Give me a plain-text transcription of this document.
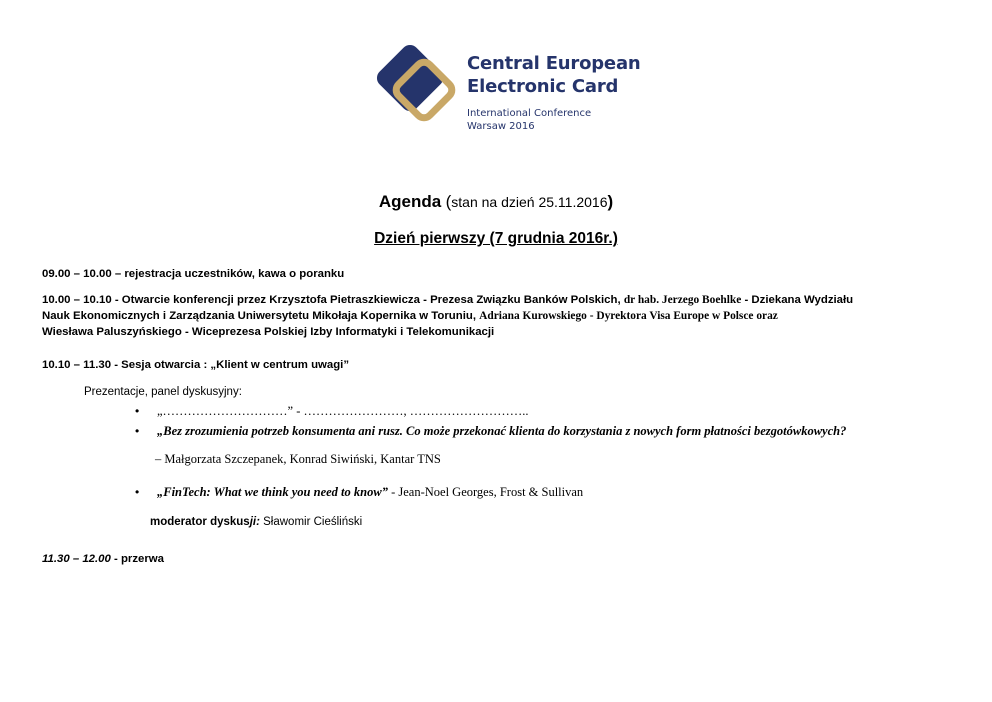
Central European
Electronic Card
International Conference
Warsaw 2016
Agenda (stan na dzień 25.11.2016)
Dzień pierwszy (7 grudnia 2016r.)
09.00 – 10.00 – rejestracja uczestników, kawa o poranku
10.00 – 10.10 - Otwarcie konferencji przez Krzysztofa Pietraszkiewicza - Prezesa Związku Banków Polskich, dr hab. Jerzego Boehlke - Dziekana Wydziału
Nauk Ekonomicznych i Zarządzania Uniwersytetu Mikołaja Kopernika w Toruniu, Adriana Kurowskiego - Dyrektora Visa Europe w Polsce oraz
Wiesława Paluszyńskiego - Wiceprezesa Polskiej Izby Informatyki i Telekomunikacji
10.10 – 11.30 - Sesja otwarcia : „Klient w centrum uwagi”
Prezentacje, panel dyskusyjny:
• „…………………………” - ……………………, ………………………..
• „Bez zrozumienia potrzeb konsumenta ani rusz. Co może przekonać klienta do korzystania z nowych form płatności bezgotówkowych?
– Małgorzata Szczepanek, Konrad Siwiński, Kantar TNS
• „FinTech: What we think you need to know” - Jean-Noel Georges, Frost & Sullivan
moderator dyskusji: Sławomir Cieśliński
11.30 – 12.00 - przerwa
